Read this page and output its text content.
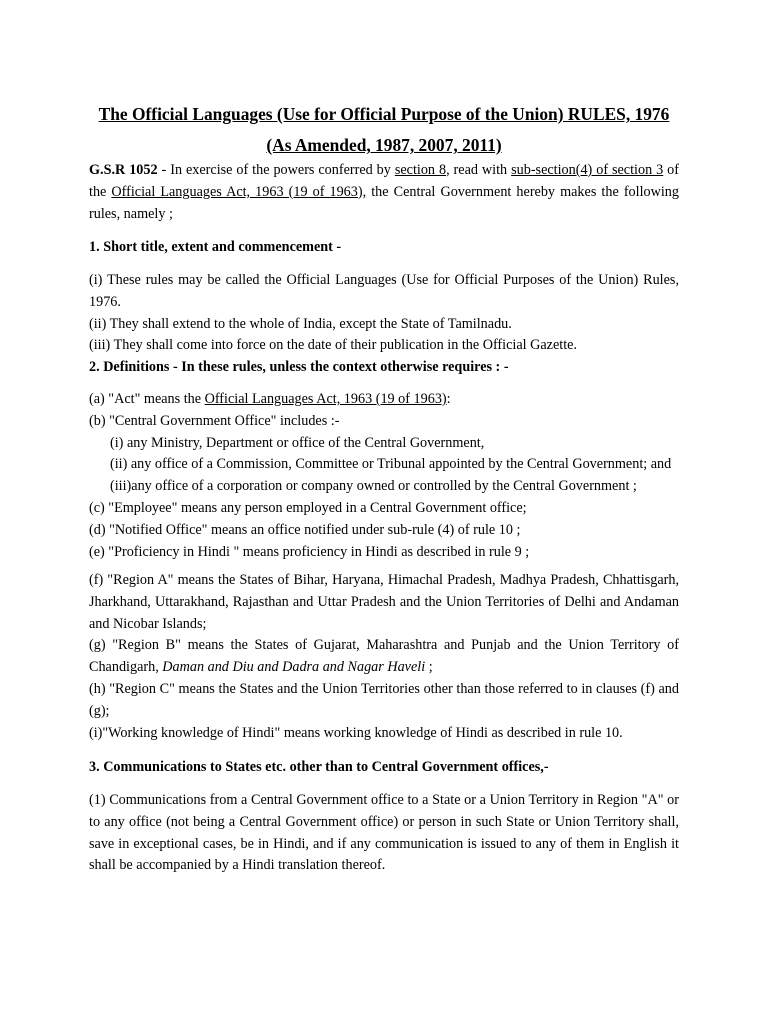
The Official Languages (Use for Official Purpose of the Union) RULES, 1976
(As Amended, 1987, 2007, 2011)
G.S.R 1052 - In exercise of the powers conferred by section 8, read with sub-section(4) of section 3 of
the Official Languages Act, 1963 (19 of 1963), the Central Government hereby makes the following
rules, namely ;
1. Short title, extent and commencement -
(i) These rules may be called the Official Languages (Use for Official Purposes of the Union) Rules,
1976.
(ii) They shall extend to the whole of India, except the State of Tamilnadu.
(iii) They shall come into force on the date of their publication in the Official Gazette.
2. Definitions - In these rules, unless the context otherwise requires : -
(a) "Act" means the Official Languages Act, 1963 (19 of 1963):
(b) "Central Government Office" includes :-
(i) any Ministry, Department or office of the Central Government,
(ii) any office of a Commission, Committee or Tribunal appointed by the Central Government; and
(iii)any office of a corporation or company owned or controlled by the Central Government ;
(c) "Employee" means any person employed in a Central Government office;
(d) "Notified Office" means an office notified under sub-rule (4) of rule 10 ;
(e) "Proficiency in Hindi " means proficiency in Hindi as described in rule 9 ;
(f) "Region A" means the States of Bihar, Haryana, Himachal Pradesh, Madhya Pradesh, Chhattisgarh,
Jharkhand, Uttarakhand, Rajasthan and Uttar Pradesh and the Union Territories of Delhi and Andaman
and Nicobar Islands;
(g) "Region B" means the States of Gujarat, Maharashtra and Punjab and the Union Territory of
Chandigarh, Daman and Diu and Dadra and Nagar Haveli ;
(h) "Region C" means the States and the Union Territories other than those referred to in clauses (f) and
(g);
(i)"Working knowledge of Hindi" means working knowledge of Hindi as described in rule 10.
3. Communications to States etc. other than to Central Government offices,-
(1) Communications from a Central Government office to a State or a Union Territory in Region "A" or
to any office (not being a Central Government office) or person in such State or Union Territory shall,
save in exceptional cases, be in Hindi, and if any communication is issued to any of them in English it
shall be accompanied by a Hindi translation thereof.
